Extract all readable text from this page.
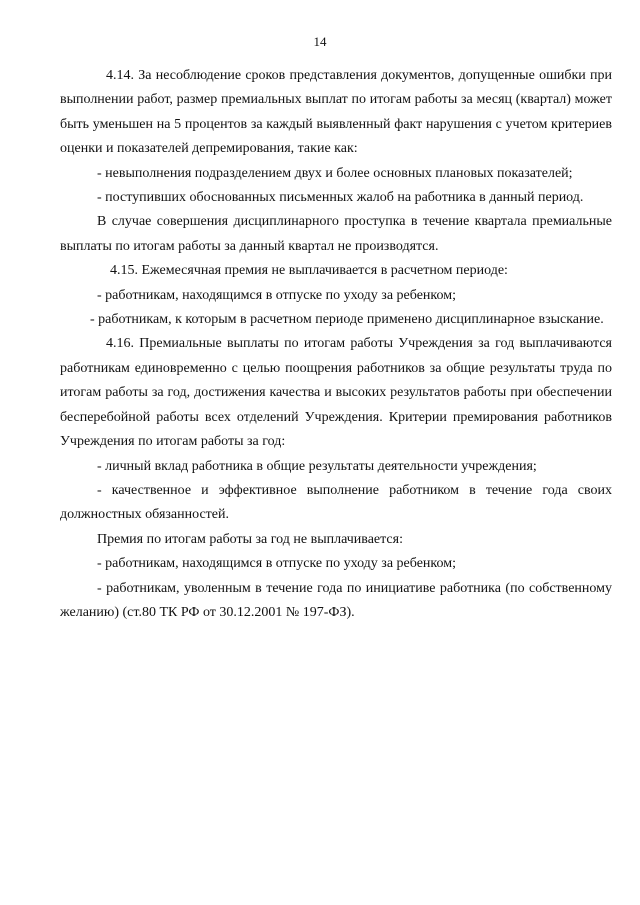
14

4.14. За несоблюдение сроков представления документов, допущенные ошибки при выполнении работ, размер премиальных выплат по итогам работы за месяц (квартал) может быть уменьшен на 5 процентов за каждый выявленный факт нарушения с учетом критериев оценки и показателей депремирования, такие как:

- невыполнения подразделением двух и более основных плановых показателей;

- поступивших обоснованных письменных жалоб на работника в данный период.

В случае совершения дисциплинарного проступка в течение квартала премиальные выплаты по итогам работы за данный квартал не производятся.

4.15. Ежемесячная премия не выплачивается в расчетном периоде:

- работникам, находящимся в отпуске по уходу за ребенком;

- работникам, к которым в расчетном периоде применено дисциплинарное взыскание.

4.16. Премиальные выплаты по итогам работы Учреждения за год выплачиваются работникам единовременно с целью поощрения работников за общие результаты труда по итогам работы за год, достижения качества и высоких результатов работы при обеспечении бесперебойной работы всех отделений Учреждения. Критерии премирования работников Учреждения по итогам работы за год:

- личный вклад работника в общие результаты деятельности учреждения;

- качественное и эффективное выполнение работником в течение года своих должностных обязанностей.

Премия по итогам работы за год не выплачивается:

- работникам, находящимся в отпуске по уходу за ребенком;

- работникам, уволенным в течение года по инициативе работника (по собственному желанию) (ст.80 ТК РФ от 30.12.2001 № 197-ФЗ).
